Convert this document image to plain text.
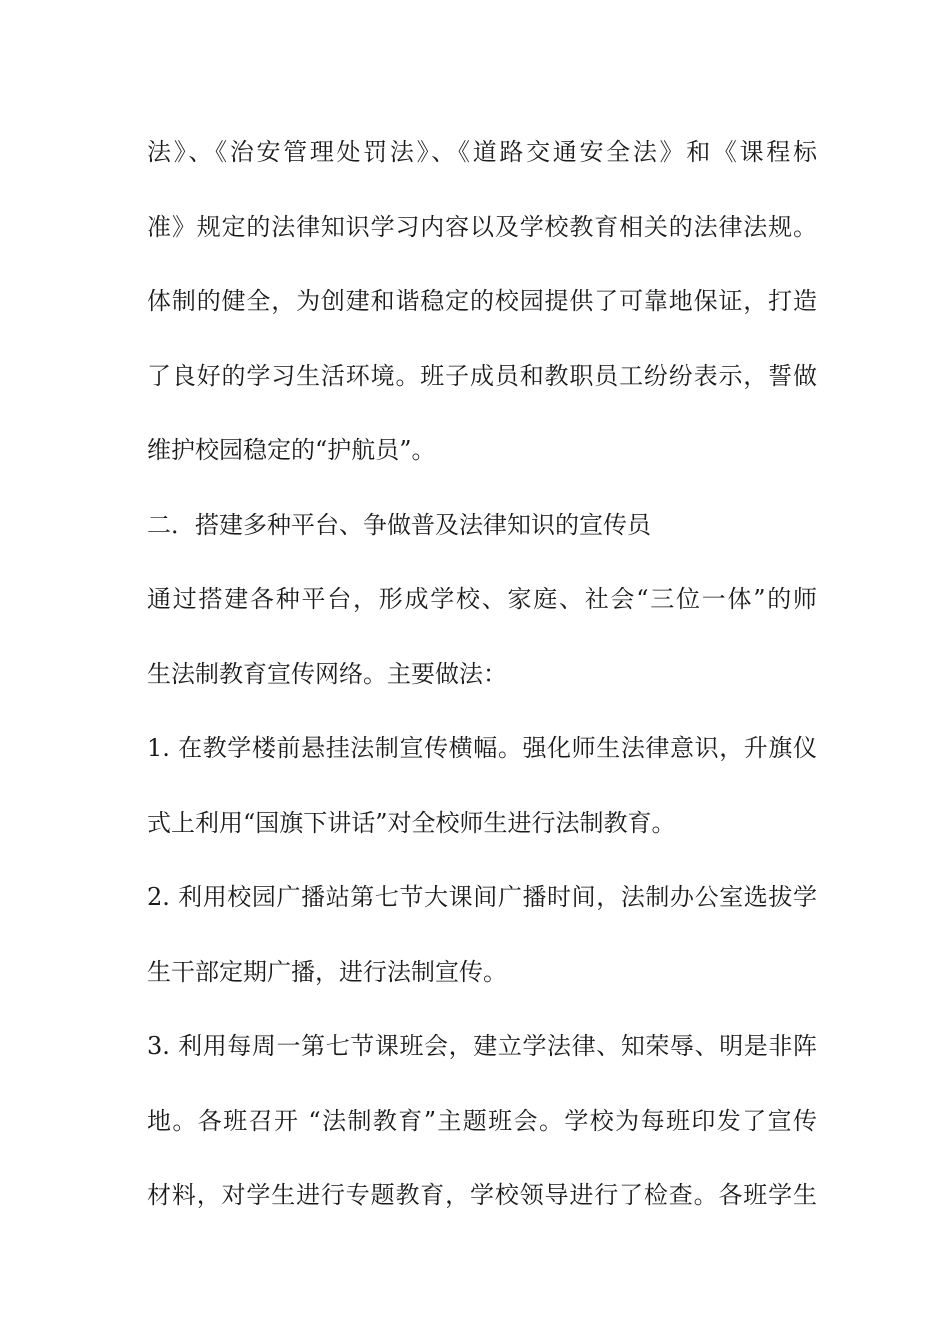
法》、《治安管理处罚法》、《道路交通安全法》和《课程标
准》规定的法律知识学习内容以及学校教育相关的法律法规。
体制的健全，为创建和谐稳定的校园提供了可靠地保证，打造
了良好的学习生活环境。班子成员和教职员工纷纷表示，誓做
维护校园稳定的“护航员”。
二．搭建多种平台、争做普及法律知识的宣传员
通过搭建各种平台，形成学校、家庭、社会“三位一体”的师
生法制教育宣传网络。主要做法：
1. 在教学楼前悬挂法制宣传横幅。强化师生法律意识，升旗仪
式上利用“国旗下讲话”对全校师生进行法制教育。
2. 利用校园广播站第七节大课间广播时间，法制办公室选拔学
生干部定期广播，进行法制宣传。
3. 利用每周一第七节课班会，建立学法律、知荣辱、明是非阵
地。各班召开 “法制教育”主题班会。学校为每班印发了宣传
材料，对学生进行专题教育，学校领导进行了检查。各班学生
